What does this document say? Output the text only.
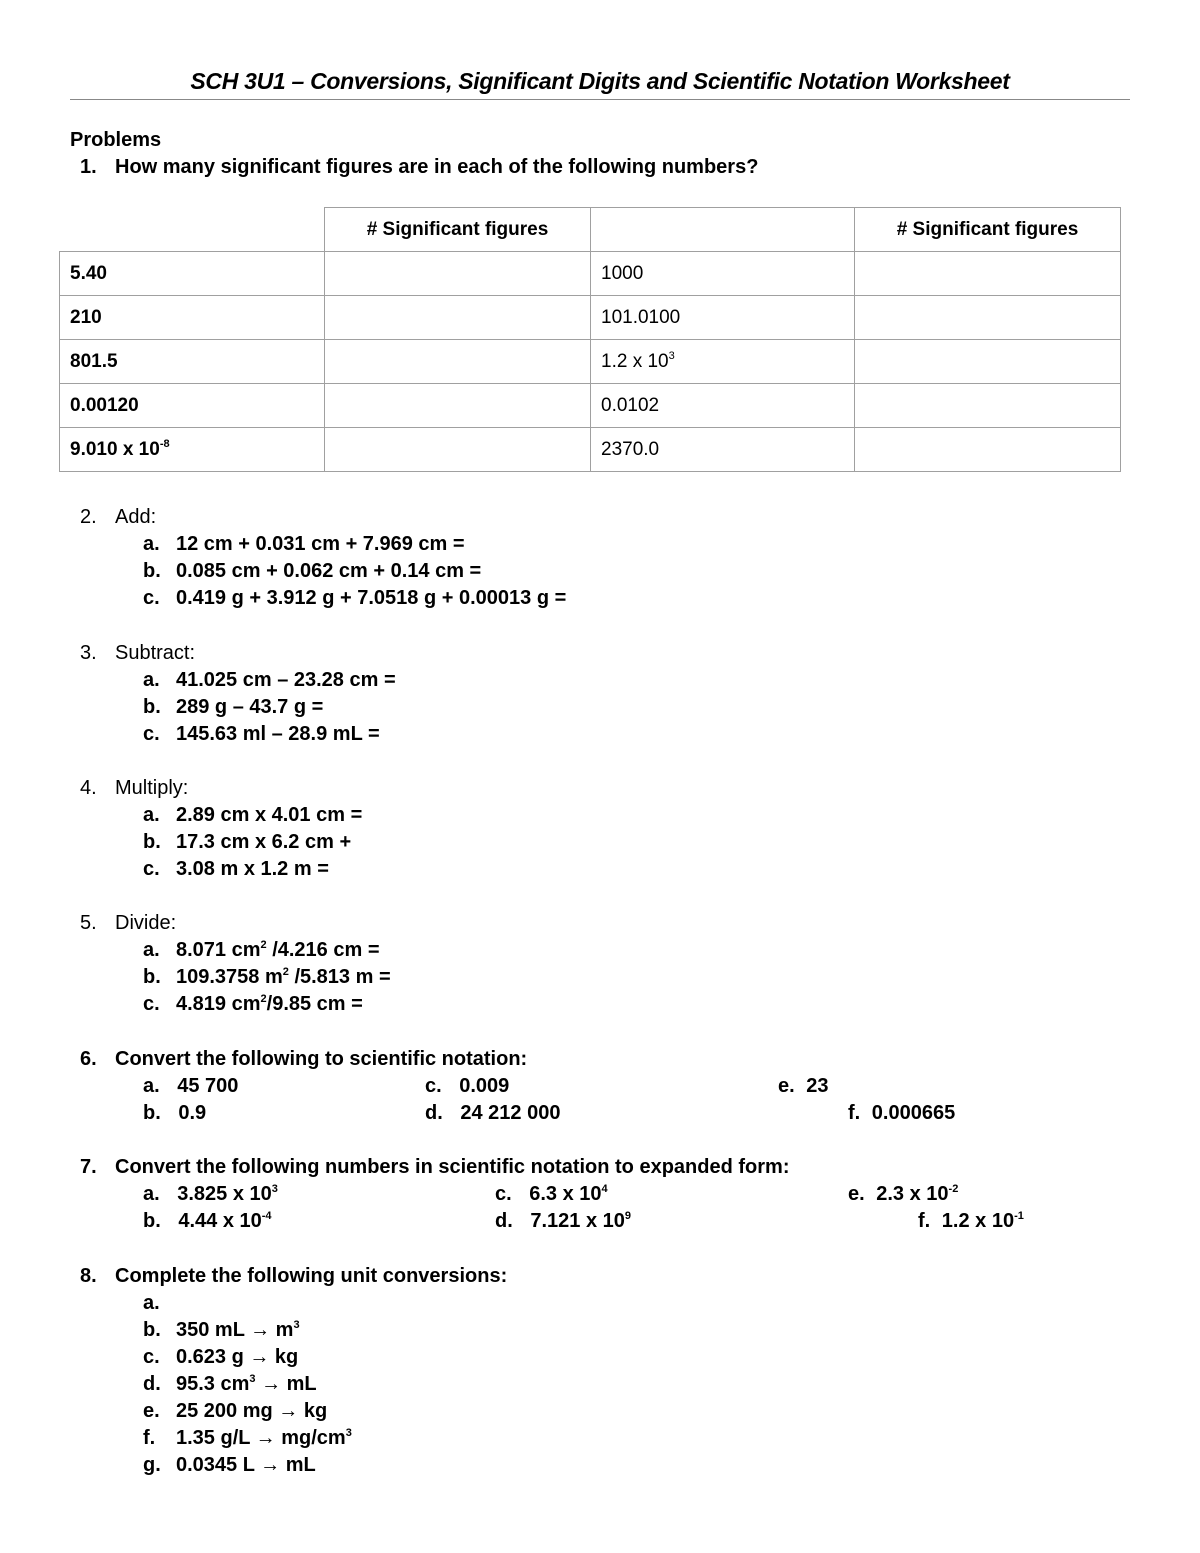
SCH 3U1 – Conversions, Significant Digits and Scientific Notation Worksheet
Problems
1. How many significant figures are in each of the following numbers?
	# Significant figures		# Significant figures
5.40		1000	
210		101.0100	
801.5		1.2 x $10^3$	
0.00120		0.0102	
9.010 x $10^{-8}$		2370.0	
2. Add:
a. 12 cm + 0.031 cm + 7.969 cm =
b. 0.085 cm + 0.062 cm + 0.14 cm =
c. 0.419 g + 3.912 g + 7.0518 g + 0.00013 g =
3. Subtract:
a. 41.025 cm – 23.28 cm =
b. 289 g – 43.7 g =
c. 145.63 ml – 28.9 mL =
4. Multiply:
a. 2.89 cm x 4.01 cm =
b. 17.3 cm x 6.2 cm +
c. 3.08 m x 1.2 m =
5. Divide:
a. 8.071 $cm^2$ /4.216 cm =
b. 109.3758 $m^2$ /5.813 m =
c. 4.819 $cm^2/9.85$ cm =
6. Convert the following to scientific notation:
a. 45 700	c. 0.009	e. 23
b. 0.9	d. 24 212 000	f. 0.000665
7. Convert the following numbers in scientific notation to expanded form:
a. 3.825 x $10^3$	c. 6.3 x $10^4$	e. 2.3 x $10^{-2}$
b. 4.44 x $10^{-4}$	d. 7.121 x $10^9$	f. 1.2 x $10^{-1}$
8. Complete the following unit conversions:
a.
b. 350 mL → $m^3$
c. 0.623 g → kg
d. 95.3 $cm^3$ → mL
e. 25 200 mg → kg
f. 1.35 $g/L \to mg/cm^3$
g. 0.0345 L → mL
